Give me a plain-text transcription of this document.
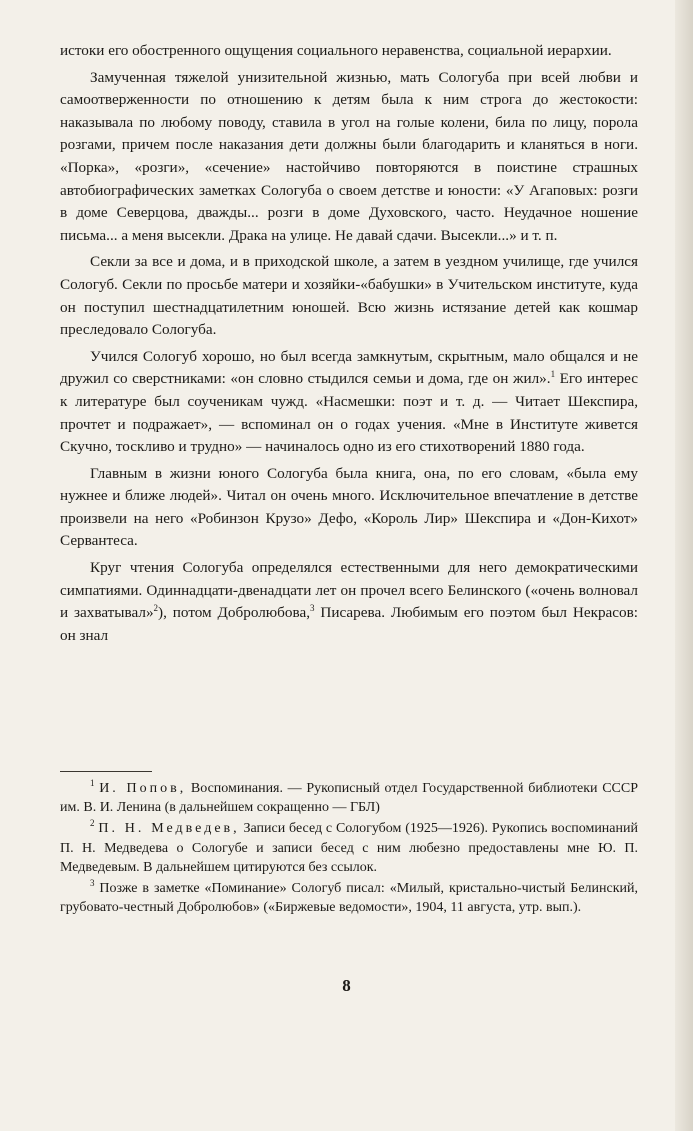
истоки его обостренного ощущения социального неравенства, социальной иерархии.

Замученная тяжелой унизительной жизнью, мать Сологуба при всей любви и самоотверженности по отношению к детям была к ним строга до жестокости: наказывала по любому поводу, ставила в угол на голые колени, била по лицу, порола розгами, причем после наказания дети должны были благодарить и кланяться в ноги. «Порка», «розги», «сечение» настойчиво повторяются в поистине страшных автобиографических заметках Сологуба о своем детстве и юности: «У Агаповых: розги в доме Северцова, дважды... розги в доме Духовского, часто. Неудачное ношение письма... а меня высекли. Драка на улице. Не давай сдачи. Высекли...» и т. п.

Секли за все и дома, и в приходской школе, а затем в уездном училище, где учился Сологуб. Секли по просьбе матери и хозяйки-«бабушки» в Учительском институте, куда он поступил шестнадцатилетним юношей. Всю жизнь истязание детей как кошмар преследовало Сологуба.

Учился Сологуб хорошо, но был всегда замкнутым, скрытным, мало общался и не дружил со сверстниками: «он словно стыдился семьи и дома, где он жил».$^1$ Его интерес к литературе был соученикам чужд. «Насмешки: поэт и т. д. — Читает Шекспира, прочтет и подражает», — вспоминал он о годах учения. «Мне в Институте живется Скучно, тоскливо и трудно» — начиналось одно из его стихотворений 1880 года.

Главным в жизни юного Сологуба была книга, она, по его словам, «была ему нужнее и ближе людей». Читал он очень много. Исключительное впечатление в детстве произвели на него «Робинзон Крузо» Дефо, «Король Лир» Шекспира и «Дон-Кихот» Сервантеса.

Круг чтения Сологуба определялся естественными для него демократическими симпатиями. Одиннадцати-двенадцати лет он прочел всего Белинского («очень волновал и захватывал»$^2$), потом Добролюбова,$^3$ Писарева. Любимым его поэтом был Некрасов: он знал

$^1$ И. Попов, Воспоминания. — Рукописный отдел Государственной библиотеки СССР им. В. И. Ленина (в дальнейшем сокращенно — ГБЛ)

$^2$ П. Н. Медведев, Записи бесед с Сологубом (1925—1926). Рукопись воспоминаний П. Н. Медведева о Сологубе и записи бесед с ним любезно предоставлены мне Ю. П. Медведевым. В дальнейшем цитируются без ссылок.

$^3$ Позже в заметке «Поминание» Сологуб писал: «Милый, кристально-чистый Белинский, грубовато-честный Добролюбов» («Биржевые ведомости», 1904, 11 августа, утр. вып.).

8
